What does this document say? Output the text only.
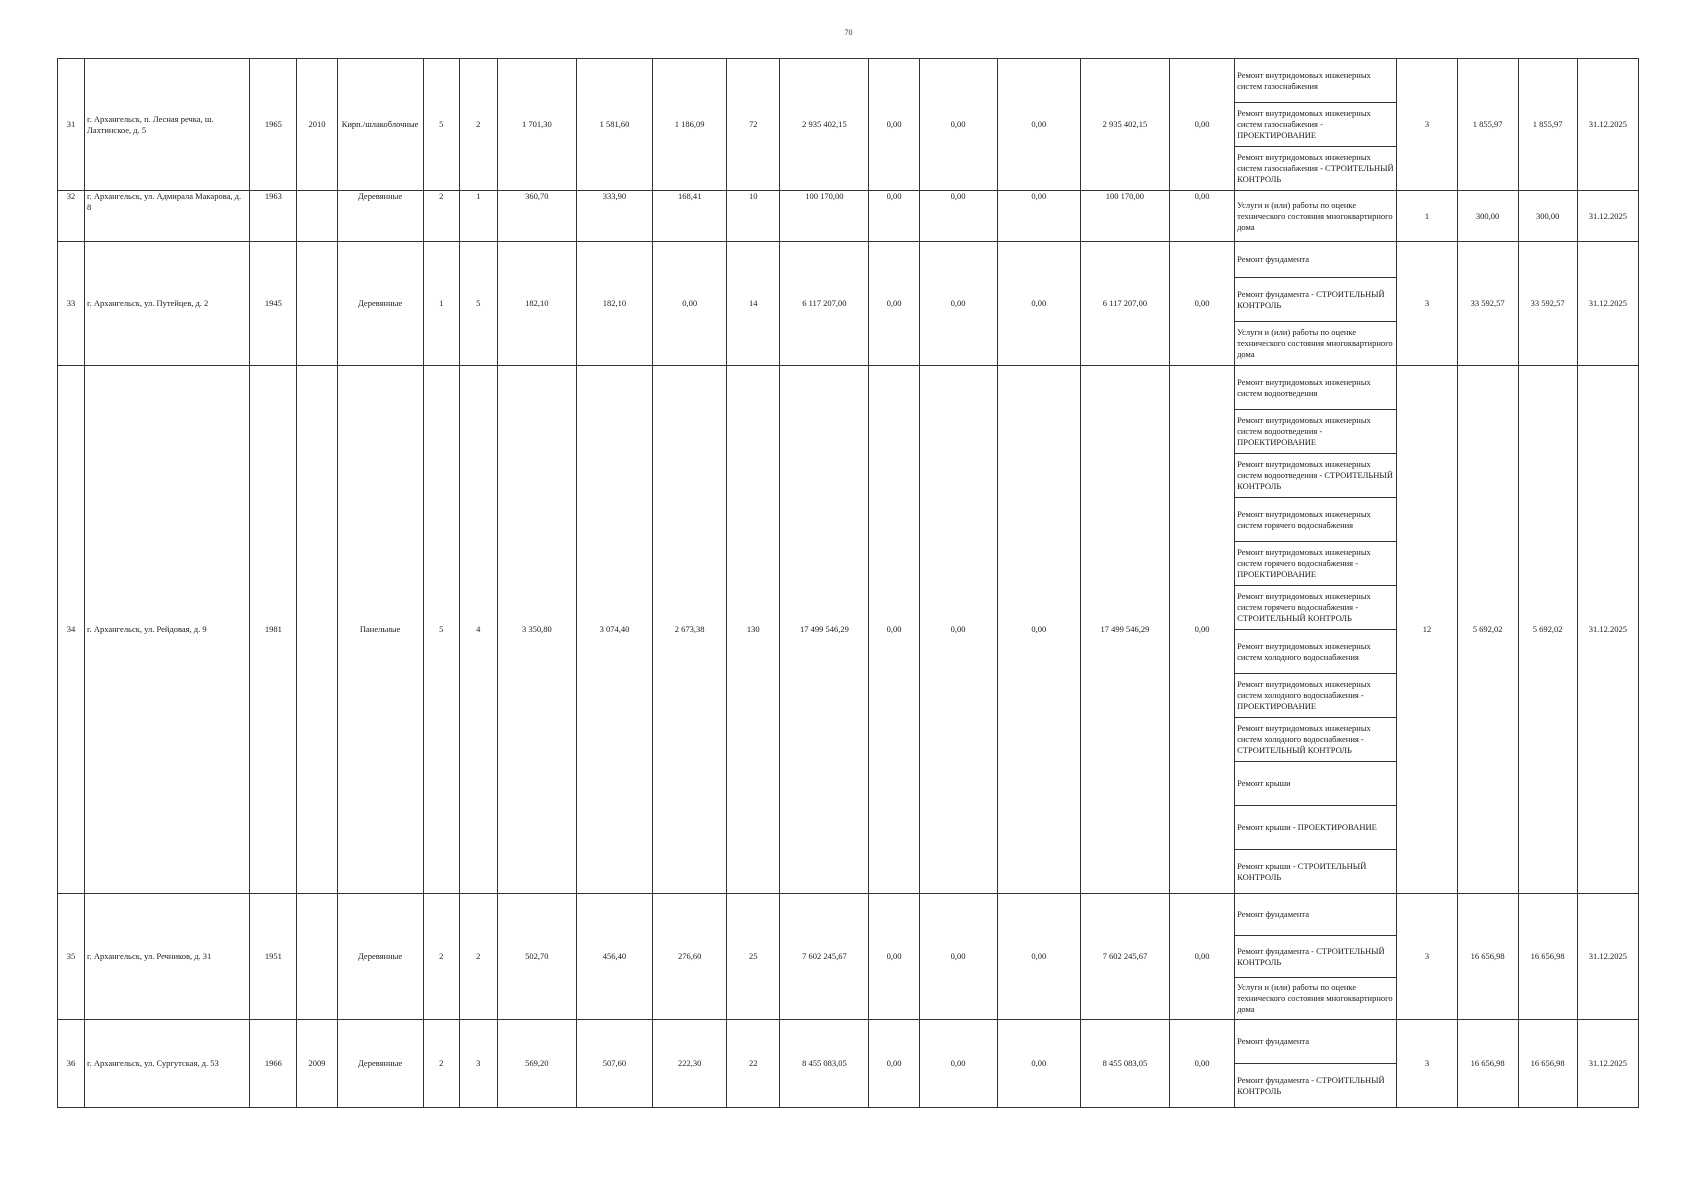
70
31	г. Архангельск, п. Лесная речка, ш. Лахтинское, д. 5	1965	2010	Кирп./шлакоблочные	5	2	1 701,30	1 581,60	1 186,09	72	2 935 402,15	0,00	0,00	0,00	2 935 402,15	0,00	Ремонт внутридомовых инженерных систем газоснабжения	3	1 855,97	1 855,97	31.12.2025
																	Ремонт внутридомовых инженерных систем газоснабжения - ПРОЕКТИРОВАНИЕ				
																	Ремонт внутридомовых инженерных систем газоснабжения - СТРОИТЕЛЬНЫЙ КОНТРОЛЬ				
32	г. Архангельск, ул. Адмирала Макарова, д. 8	1963		Деревянные	2	1	360,70	333,90	168,41	10	100 170,00	0,00	0,00	0,00	100 170,00	0,00	Услуги и (или) работы по оценке технического состояния многоквартирного дома	1	300,00	300,00	31.12.2025
33	г. Архангельск, ул. Путейцев, д. 2	1945		Деревянные	1	5	182,10	182,10	0,00	14	6 117 207,00	0,00	0,00	0,00	6 117 207,00	0,00	Ремонт фундамента	3	33 592,57	33 592,57	31.12.2025
																	Ремонт фундамента - СТРОИТЕЛЬНЫЙ КОНТРОЛЬ				
																	Услуги и (или) работы по оценке технического состояния многоквартирного дома				
34	г. Архангельск, ул. Рейдовая, д. 9	1981		Панельные	5	4	3 350,80	3 074,40	2 673,38	130	17 499 546,29	0,00	0,00	0,00	17 499 546,29	0,00	Ремонт внутридомовых инженерных систем водоотведения	12	5 692,02	5 692,02	31.12.2025
																	Ремонт внутридомовых инженерных систем водоотведения - ПРОЕКТИРОВАНИЕ				
																	Ремонт внутридомовых инженерных систем водоотведения - СТРОИТЕЛЬНЫЙ КОНТРОЛЬ				
																	Ремонт внутридомовых инженерных систем горячего водоснабжения				
																	Ремонт внутридомовых инженерных систем горячего водоснабжения - ПРОЕКТИРОВАНИЕ				
																	Ремонт внутридомовых инженерных систем горячего водоснабжения - СТРОИТЕЛЬНЫЙ КОНТРОЛЬ				
																	Ремонт внутридомовых инженерных систем холодного водоснабжения				
																	Ремонт внутридомовых инженерных систем холодного водоснабжения - ПРОЕКТИРОВАНИЕ				
																	Ремонт внутридомовых инженерных систем холодного водоснабжения - СТРОИТЕЛЬНЫЙ КОНТРОЛЬ				
																	Ремонт крыши				
																	Ремонт крыши - ПРОЕКТИРОВАНИЕ				
																	Ремонт крыши - СТРОИТЕЛЬНЫЙ КОНТРОЛЬ				
35	г. Архангельск, ул. Речников, д. 31	1951		Деревянные	2	2	502,70	456,40	276,60	25	7 602 245,67	0,00	0,00	0,00	7 602 245,67	0,00	Ремонт фундамента	3	16 656,98	16 656,98	31.12.2025
																	Ремонт фундамента - СТРОИТЕЛЬНЫЙ КОНТРОЛЬ				
																	Услуги и (или) работы по оценке технического состояния многоквартирного дома				
36	г. Архангельск, ул. Сургутская, д. 53	1966	2009	Деревянные	2	3	569,20	507,60	222,30	22	8 455 083,05	0,00	0,00	0,00	8 455 083,05	0,00	Ремонт фундамента	3	16 656,98	16 656,98	31.12.2025
																	Ремонт фундамента - СТРОИТЕЛЬНЫЙ КОНТРОЛЬ				
